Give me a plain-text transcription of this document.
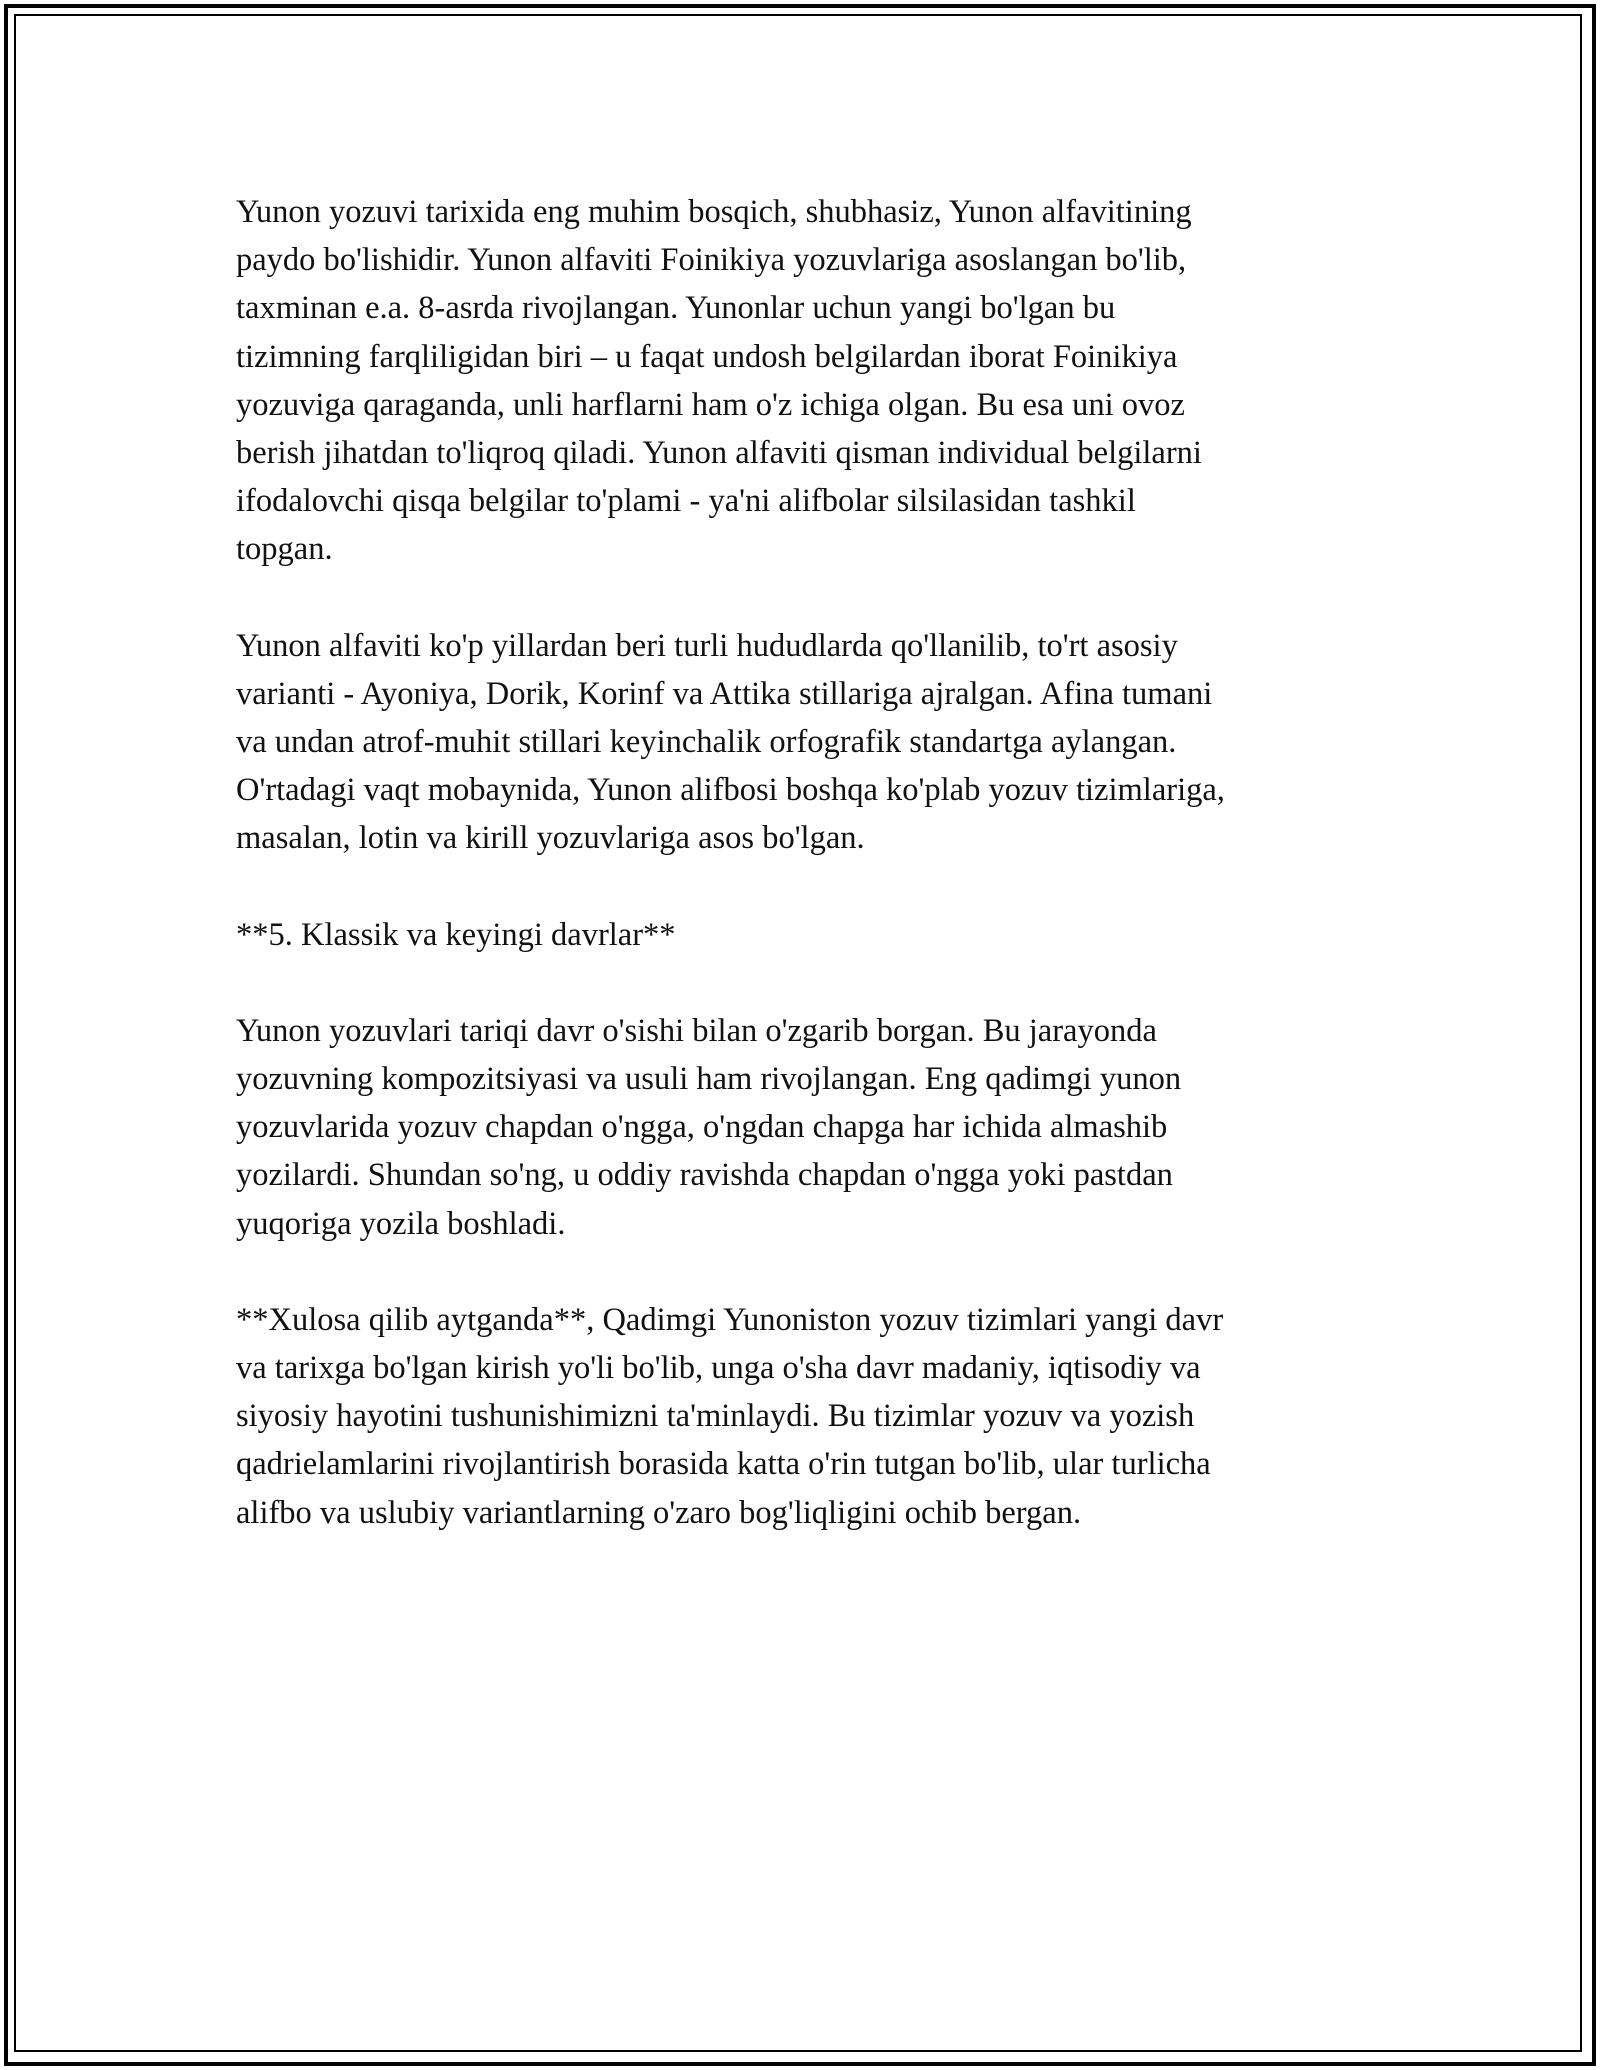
Yunon yozuvi tarixida eng muhim bosqich, shubhasiz, Yunon alfavitining
paydo bo'lishidir. Yunon alfaviti Foinikiya yozuvlariga asoslangan bo'lib,
taxminan e.a. 8-asrda rivojlangan. Yunonlar uchun yangi bo'lgan bu
tizimning farqliligidan biri – u faqat undosh belgilardan iborat Foinikiya
yozuviga qaraganda, unli harflarni ham o'z ichiga olgan. Bu esa uni ovoz
berish jihatdan to'liqroq qiladi. Yunon alfaviti qisman individual belgilarni
ifodalovchi qisqa belgilar to'plami - ya'ni alifbolar silsilasidan tashkil
topgan.

Yunon alfaviti ko'p yillardan beri turli hududlarda qo'llanilib, to'rt asosiy
varianti - Ayoniya, Dorik, Korinf va Attika stillariga ajralgan. Afina tumani
va undan atrof-muhit stillari keyinchalik orfografik standartga aylangan.
O'rtadagi vaqt mobaynida, Yunon alifbosi boshqa ko'plab yozuv tizimlariga,
masalan, lotin va kirill yozuvlariga asos bo'lgan.

**5. Klassik va keyingi davrlar**

Yunon yozuvlari tariqi davr o'sishi bilan o'zgarib borgan. Bu jarayonda
yozuvning kompozitsiyasi va usuli ham rivojlangan. Eng qadimgi yunon
yozuvlarida yozuv chapdan o'ngga, o'ngdan chapga har ichida almashib
yozilardi. Shundan so'ng, u oddiy ravishda chapdan o'ngga yoki pastdan
yuqoriga yozila boshladi.

**Xulosa qilib aytganda**, Qadimgi Yunoniston yozuv tizimlari yangi davr
va tarixga bo'lgan kirish yo'li bo'lib, unga o'sha davr madaniy, iqtisodiy va
siyosiy hayotini tushunishimizni ta'minlaydi. Bu tizimlar yozuv va yozish
qadrielamlarini rivojlantirish borasida katta o'rin tutgan bo'lib, ular turlicha
alifbo va uslubiy variantlarning o'zaro bog'liqligini ochib bergan.
